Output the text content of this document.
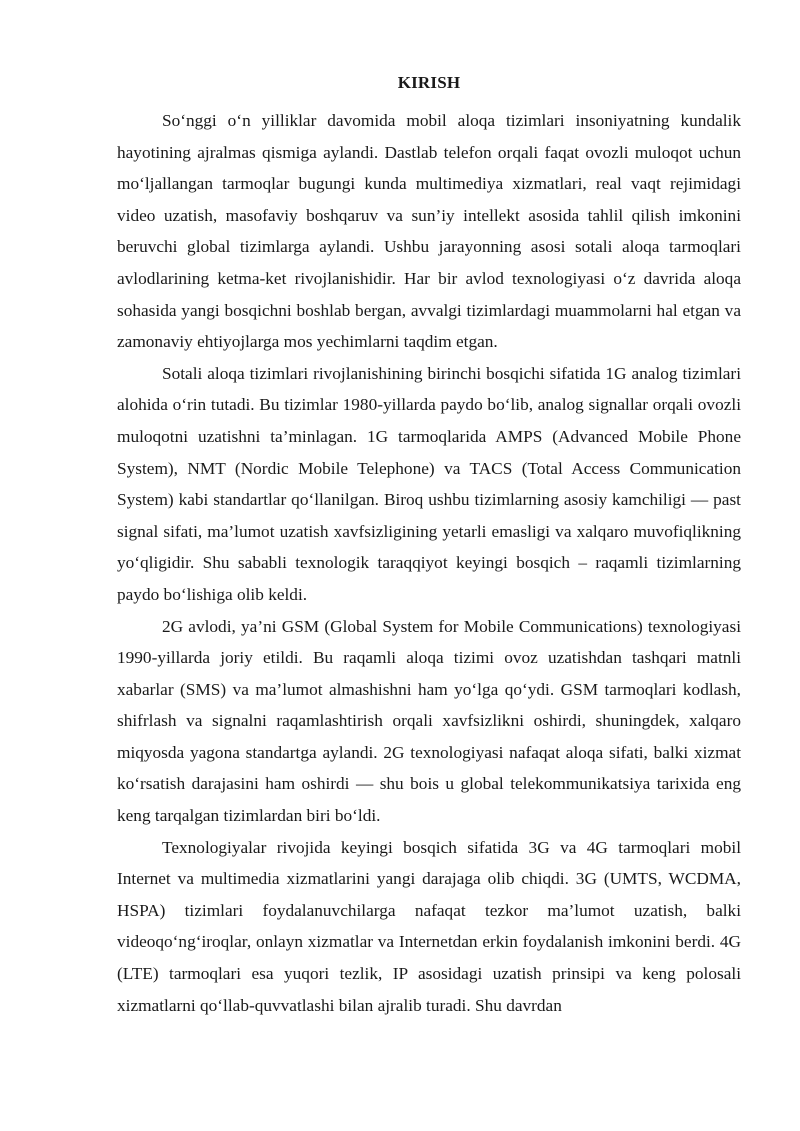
KIRISH

So‘nggi o‘n yilliklar davomida mobil aloqa tizimlari insoniyatning kundalik hayotining ajralmas qismiga aylandi. Dastlab telefon orqali faqat ovozli muloqot uchun mo‘ljallangan tarmoqlar bugungi kunda multimediya xizmatlari, real vaqt rejimidagi video uzatish, masofaviy boshqaruv va sun’iy intellekt asosida tahlil qilish imkonini beruvchi global tizimlarga aylandi. Ushbu jarayonning asosi sotali aloqa tarmoqlari avlodlarining ketma-ket rivojlanishidir. Har bir avlod texnologiyasi o‘z davrida aloqa sohasida yangi bosqichni boshlab bergan, avvalgi tizimlardagi muammolarni hal etgan va zamonaviy ehtiyojlarga mos yechimlarni taqdim etgan.

Sotali aloqa tizimlari rivojlanishining birinchi bosqichi sifatida 1G analog tizimlari alohida o‘rin tutadi. Bu tizimlar 1980-yillarda paydo bo‘lib, analog signallar orqali ovozli muloqotni uzatishni ta’minlagan. 1G tarmoqlarida AMPS (Advanced Mobile Phone System), NMT (Nordic Mobile Telephone) va TACS (Total Access Communication System) kabi standartlar qo‘llanilgan. Biroq ushbu tizimlarning asosiy kamchiligi — past signal sifati, ma’lumot uzatish xavfsizligining yetarli emasligi va xalqaro muvofiqlikning yo‘qligidir. Shu sababli texnologik taraqqiyot keyingi bosqich – raqamli tizimlarning paydo bo‘lishiga olib keldi.

2G avlodi, ya’ni GSM (Global System for Mobile Communications) texnologiyasi 1990-yillarda joriy etildi. Bu raqamli aloqa tizimi ovoz uzatishdan tashqari matnli xabarlar (SMS) va ma’lumot almashishni ham yo‘lga qo‘ydi. GSM tarmoqlari kodlash, shifrlash va signalni raqamlashtirish orqali xavfsizlikni oshirdi, shuningdek, xalqaro miqyosda yagona standartga aylandi. 2G texnologiyasi nafaqat aloqa sifati, balki xizmat ko‘rsatish darajasini ham oshirdi — shu bois u global telekommunikatsiya tarixida eng keng tarqalgan tizimlardan biri bo‘ldi.

Texnologiyalar rivojida keyingi bosqich sifatida 3G va 4G tarmoqlari mobil Internet va multimedia xizmatlarini yangi darajaga olib chiqdi. 3G (UMTS, WCDMA, HSPA) tizimlari foydalanuvchilarga nafaqat tezkor ma’lumot uzatish, balki videoqo‘ng‘iroqlar, onlayn xizmatlar va Internetdan erkin foydalanish imkonini berdi. 4G (LTE) tarmoqlari esa yuqori tezlik, IP asosidagi uzatish prinsipi va keng polosali xizmatlarni qo‘llab-quvvatlashi bilan ajralib turadi. Shu davrdan
